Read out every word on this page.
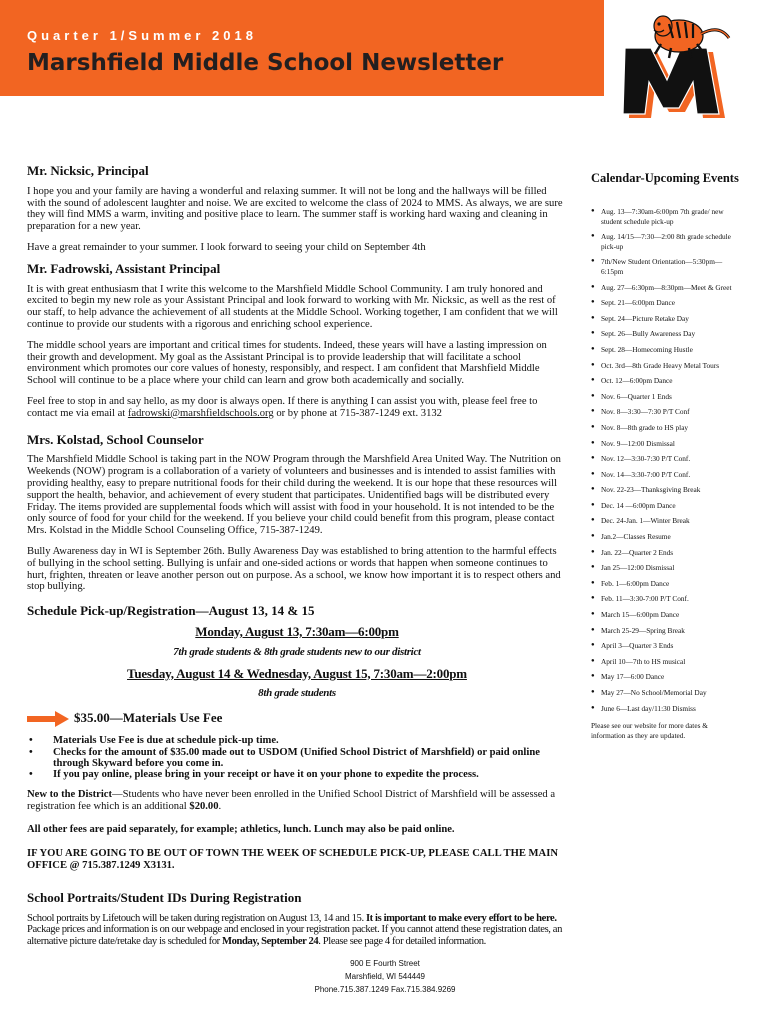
Quarter 1/Summer 2018
Marshfield Middle School Newsletter
Mr. Nicksic, Principal

I hope you and your family are having a wonderful and relaxing summer. It will not be long and the hallways will be filled with the sound of adolescent laughter and noise. We are excited to welcome the class of 2024 to MMS. As always, we are sure they will find MMS a warm, inviting and positive place to learn. The summer staff is working hard waxing and cleaning in preparation for a new year.

Have a great remainder to your summer. I look forward to seeing your child on September 4th

Mr. Fadrowski, Assistant Principal

It is with great enthusiasm that I write this welcome to the Marshfield Middle School Community. I am truly honored and excited to begin my new role as your Assistant Principal and look forward to working with Mr. Nicksic, as well as the rest of our staff, to help advance the achievement of all students at the Middle School. Working together, I am confident that we will continue to provide our students with a rigorous and enriching school experience.

The middle school years are important and critical times for students. Indeed, these years will have a lasting impression on their growth and development. My goal as the Assistant Principal is to provide leadership that will facilitate a school environment which promotes our core values of honesty, responsibly, and respect. I am confident that Marshfield Middle School will continue to be a place where your child can learn and grow both academically and socially.

Feel free to stop in and say hello, as my door is always open. If there is anything I can assist you with, please feel free to contact me via email at fadrowski@marshfieldschools.org or by phone at 715-387-1249 ext. 3132

Mrs. Kolstad, School Counselor

The Marshfield Middle School is taking part in the NOW Program through the Marshfield Area United Way. The Nutrition on Weekends (NOW) program is a collaboration of a variety of volunteers and businesses and is intended to assist families with providing healthy, easy to prepare nutritional foods for their child during the weekend. It is our hope that these resources will support the health, behavior, and achievement of every student that participates. Unidentified bags will be distributed every Friday. The items provided are supplemental foods which will assist with food in your household. It is not intended to be the only source of food for your child for the weekend. If you believe your child could benefit from this program, please contact Mrs. Kolstad in the Middle School Counseling Office, 715-387-1249.

Bully Awareness day in WI is September 26th. Bully Awareness Day was established to bring attention to the harmful effects of bullying in the school setting. Bullying is unfair and one-sided actions or words that happen when someone continues to hurt, frighten, threaten or leave another person out on purpose. As a school, we know how important it is to respect others and stop bullying.

Schedule Pick-up/Registration—August 13, 14 & 15

Monday, August 13, 7:30am—6:00pm

7th grade students & 8th grade students new to our district

Tuesday, August 14 & Wednesday, August 15, 7:30am—2:00pm

8th grade students

$35.00—Materials Use Fee
• Materials Use Fee is due at schedule pick-up time.
• Checks for the amount of $35.00 made out to USDOM (Unified School District of Marshfield) or paid online through Skyward before you come in.
• If you pay online, please bring in your receipt or have it on your phone to expedite the process.

New to the District—Students who have never been enrolled in the Unified School District of Marshfield will be assessed a registration fee which is an additional $20.00.

All other fees are paid separately, for example; athletics, lunch. Lunch may also be paid online.

IF YOU ARE GOING TO BE OUT OF TOWN THE WEEK OF SCHEDULE PICK-UP, PLEASE CALL THE MAIN OFFICE @ 715.387.1249 X3131.

School Portraits/Student IDs During Registration

School portraits by Lifetouch will be taken during registration on August 13, 14 and 15. It is important to make every effort to be here. Package prices and information is on our webpage and enclosed in your registration packet. If you cannot attend these registration dates, an alternative picture date/retake day is scheduled for Monday, September 24. Please see page 4 for detailed information.

Calendar-Upcoming Events
● Aug. 13—7:30am-6:00pm 7th grade/ new student schedule pick-up
● Aug. 14/15—7:30—2:00 8th grade schedule pick-up
● 7th/New Student Orientation—5:30pm—6:15pm
● Aug. 27—6:30pm—8:30pm—Meet & Greet
● Sept. 21—6:00pm Dance
● Sept. 24—Picture Retake Day
● Sept. 26—Bully Awareness Day
● Sept. 28—Homecoming Hustle
● Oct. 3rd—8th Grade Heavy Metal Tours
● Oct. 12—6:00pm Dance
● Nov. 6—Quarter 1 Ends
● Nov. 8—3:30—7:30 P/T Conf
● Nov. 8—8th grade to HS play
● Nov. 9—12:00 Dismissal
● Nov. 12—3:30-7:30 P/T Conf.
● Nov. 14—3:30-7:00 P/T Conf.
● Nov. 22-23—Thanksgiving Break
● Dec. 14 —6:00pm Dance
● Dec. 24-Jan. 1—Winter Break
● Jan.2—Classes Resume
● Jan. 22—Quarter 2 Ends
● Jan 25—12:00 Dismissal
● Feb. 1—6:00pm Dance
● Feb. 11—3:30-7:00 P/T Conf.
● March 15—6:00pm Dance
● March 25-29—Spring Break
● April 3—Quarter 3 Ends
● April 10—7th to HS musical
● May 17—6:00 Dance
● May 27—No School/Memorial Day
● June 6—Last day/11:30 Dismiss
Please see our website for more dates & information as they are updated.
900 E Fourth Street
Marshfield, WI 544449
Phone.715.387.1249 Fax.715.384.9269
